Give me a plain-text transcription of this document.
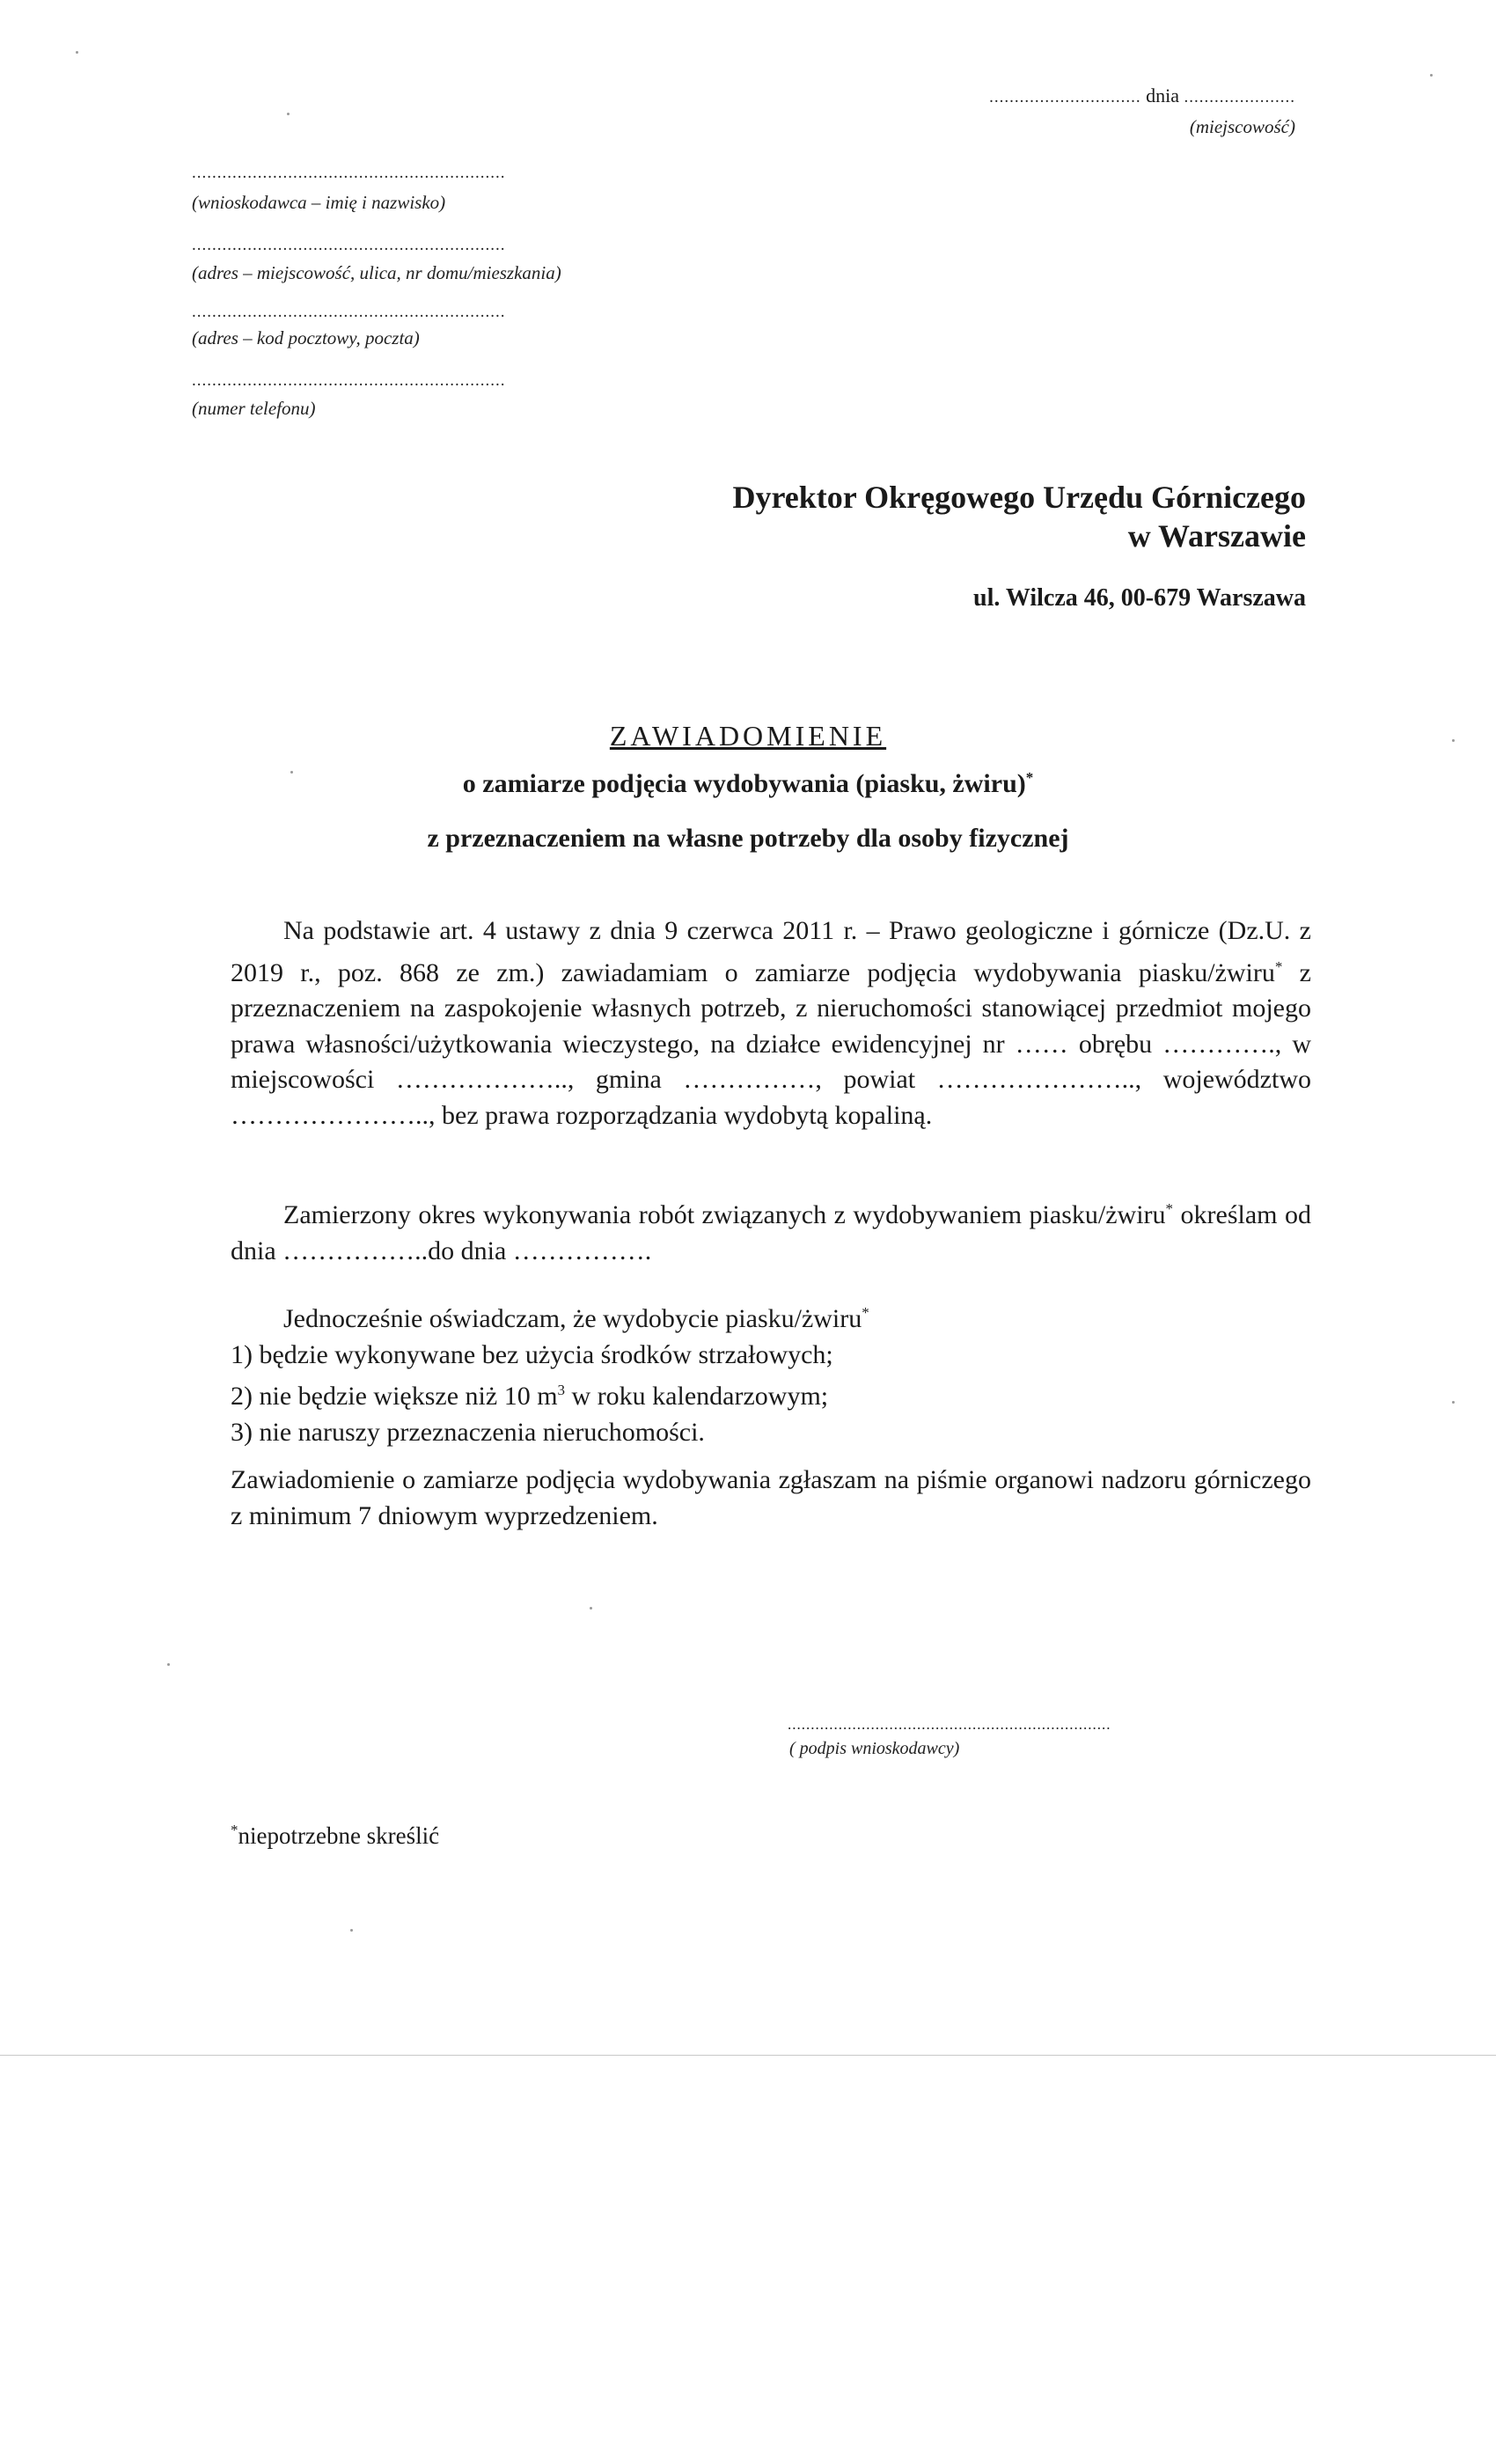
.............................. dnia ......................
(miejscowość)
..............................................................
(wnioskodawca – imię i nazwisko)
..............................................................
(adres – miejscowość, ulica, nr domu/mieszkania)
..............................................................
(adres – kod pocztowy, poczta)
..............................................................
(numer telefonu)
Dyrektor Okręgowego Urzędu Górniczego
w Warszawie
ul. Wilcza 46, 00-679 Warszawa
ZAWIADOMIENIE
o zamiarze podjęcia wydobywania (piasku, żwiru)*
z przeznaczeniem na własne potrzeby dla osoby fizycznej

Na podstawie art. 4 ustawy z dnia 9 czerwca 2011 r. – Prawo geologiczne i górnicze (Dz.U. z 2019 r., poz. 868 ze zm.) zawiadamiam o zamiarze podjęcia wydobywania piasku/żwiru* z przeznaczeniem na zaspokojenie własnych potrzeb, z nieruchomości stanowiącej przedmiot mojego prawa własności/użytkowania wieczystego, na działce ewidencyjnej nr …… obrębu …………., w miejscowości ……………….., gmina ……………, powiat ………………….., województwo ………………….., bez prawa rozporządzania wydobytą kopaliną.

Zamierzony okres wykonywania robót związanych z wydobywaniem piasku/żwiru* określam od dnia ……………..do dnia …………….

Jednocześnie oświadczam, że wydobycie piasku/żwiru*

1) będzie wykonywane bez użycia środków strzałowych;

2) nie będzie większe niż 10 $m^3$ w roku kalendarzowym;

3) nie naruszy przeznaczenia nieruchomości.

Zawiadomienie o zamiarze podjęcia wydobywania zgłaszam na piśmie organowi nadzoru górniczego z minimum 7 dniowym wyprzedzeniem.

......................................................................
( podpis wnioskodawcy)
*niepotrzebne skreślić
